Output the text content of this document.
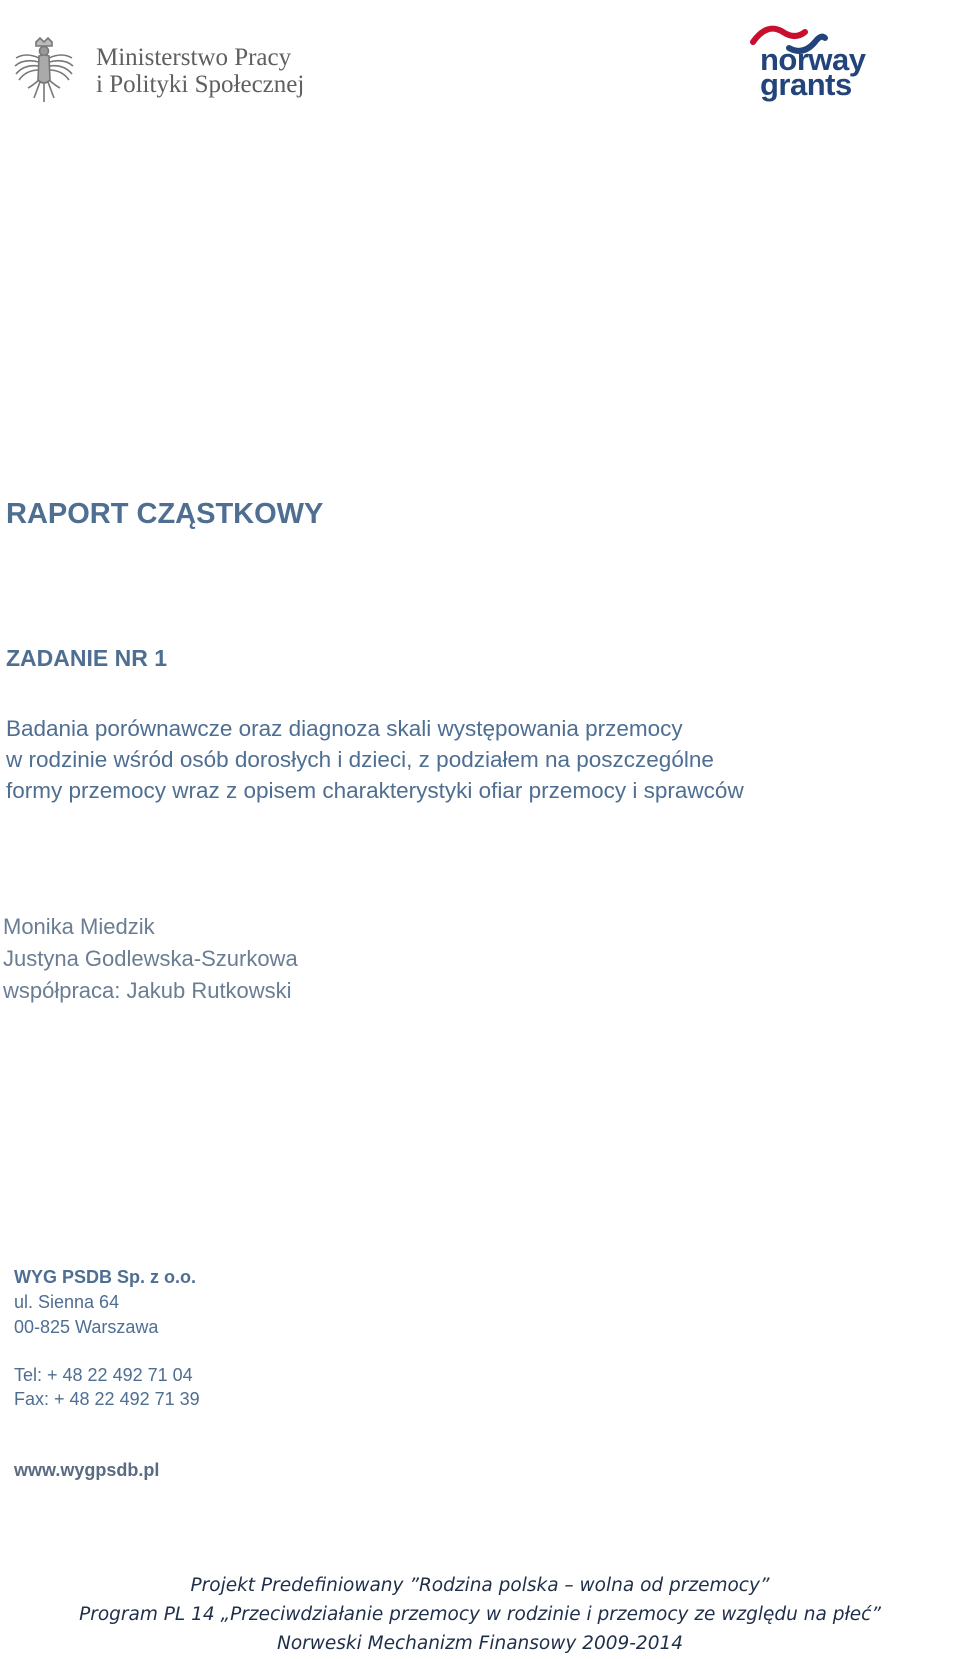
Ministerstwo Pracy
i Polityki Społecznej
norway
grants
RAPORT CZĄSTKOWY
ZADANIE NR 1
Badania porównawcze oraz diagnoza skali występowania przemocy
w rodzinie wśród osób dorosłych i dzieci, z podziałem na poszczególne
formy przemocy wraz z opisem charakterystyki ofiar przemocy i sprawców
Monika Miedzik
Justyna Godlewska-Szurkowa
współpraca: Jakub Rutkowski
WYG PSDB Sp. z o.o.
ul. Sienna 64
00-825 Warszawa
Tel: + 48 22 492 71 04
Fax: + 48 22 492 71 39
www.wygpsdb.pl
Projekt Predefiniowany ”Rodzina polska – wolna od przemocy”
Program PL 14 „Przeciwdziałanie przemocy w rodzinie i przemocy ze względu na płeć”
Norweski Mechanizm Finansowy 2009-2014
